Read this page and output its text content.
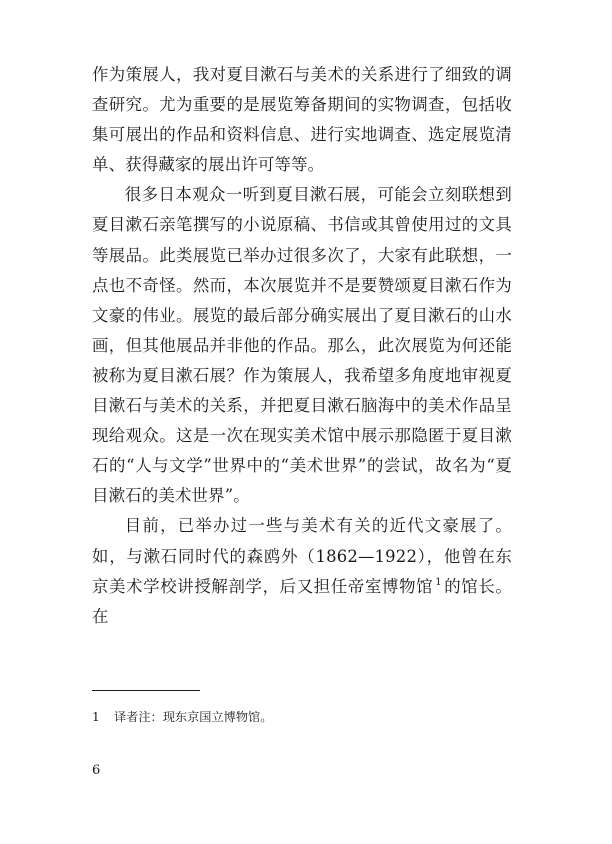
作为策展人，我对夏目漱石与美术的关系进行了细致的调查研究。尤为重要的是展览筹备期间的实物调查，包括收集可展出的作品和资料信息、进行实地调查、选定展览清单、获得藏家的展出许可等等。

很多日本观众一听到夏目漱石展，可能会立刻联想到夏目漱石亲笔撰写的小说原稿、书信或其曾使用过的文具等展品。此类展览已举办过很多次了，大家有此联想，一点也不奇怪。然而，本次展览并不是要赞颂夏目漱石作为文豪的伟业。展览的最后部分确实展出了夏目漱石的山水画，但其他展品并非他的作品。那么，此次展览为何还能被称为夏目漱石展？作为策展人，我希望多角度地审视夏目漱石与美术的关系，并把夏目漱石脑海中的美术作品呈现给观众。这是一次在现实美术馆中展示那隐匿于夏目漱石的“人与文学”世界中的“美术世界”的尝试，故名为“夏目漱石的美术世界”。

目前，已举办过一些与美术有关的近代文豪展了。如，与漱石同时代的森鸥外（1862—1922），他曾在东京美术学校讲授解剖学，后又担任帝室博物馆 $^1$ 的馆长。在

1 译者注：现东京国立博物馆。
6
